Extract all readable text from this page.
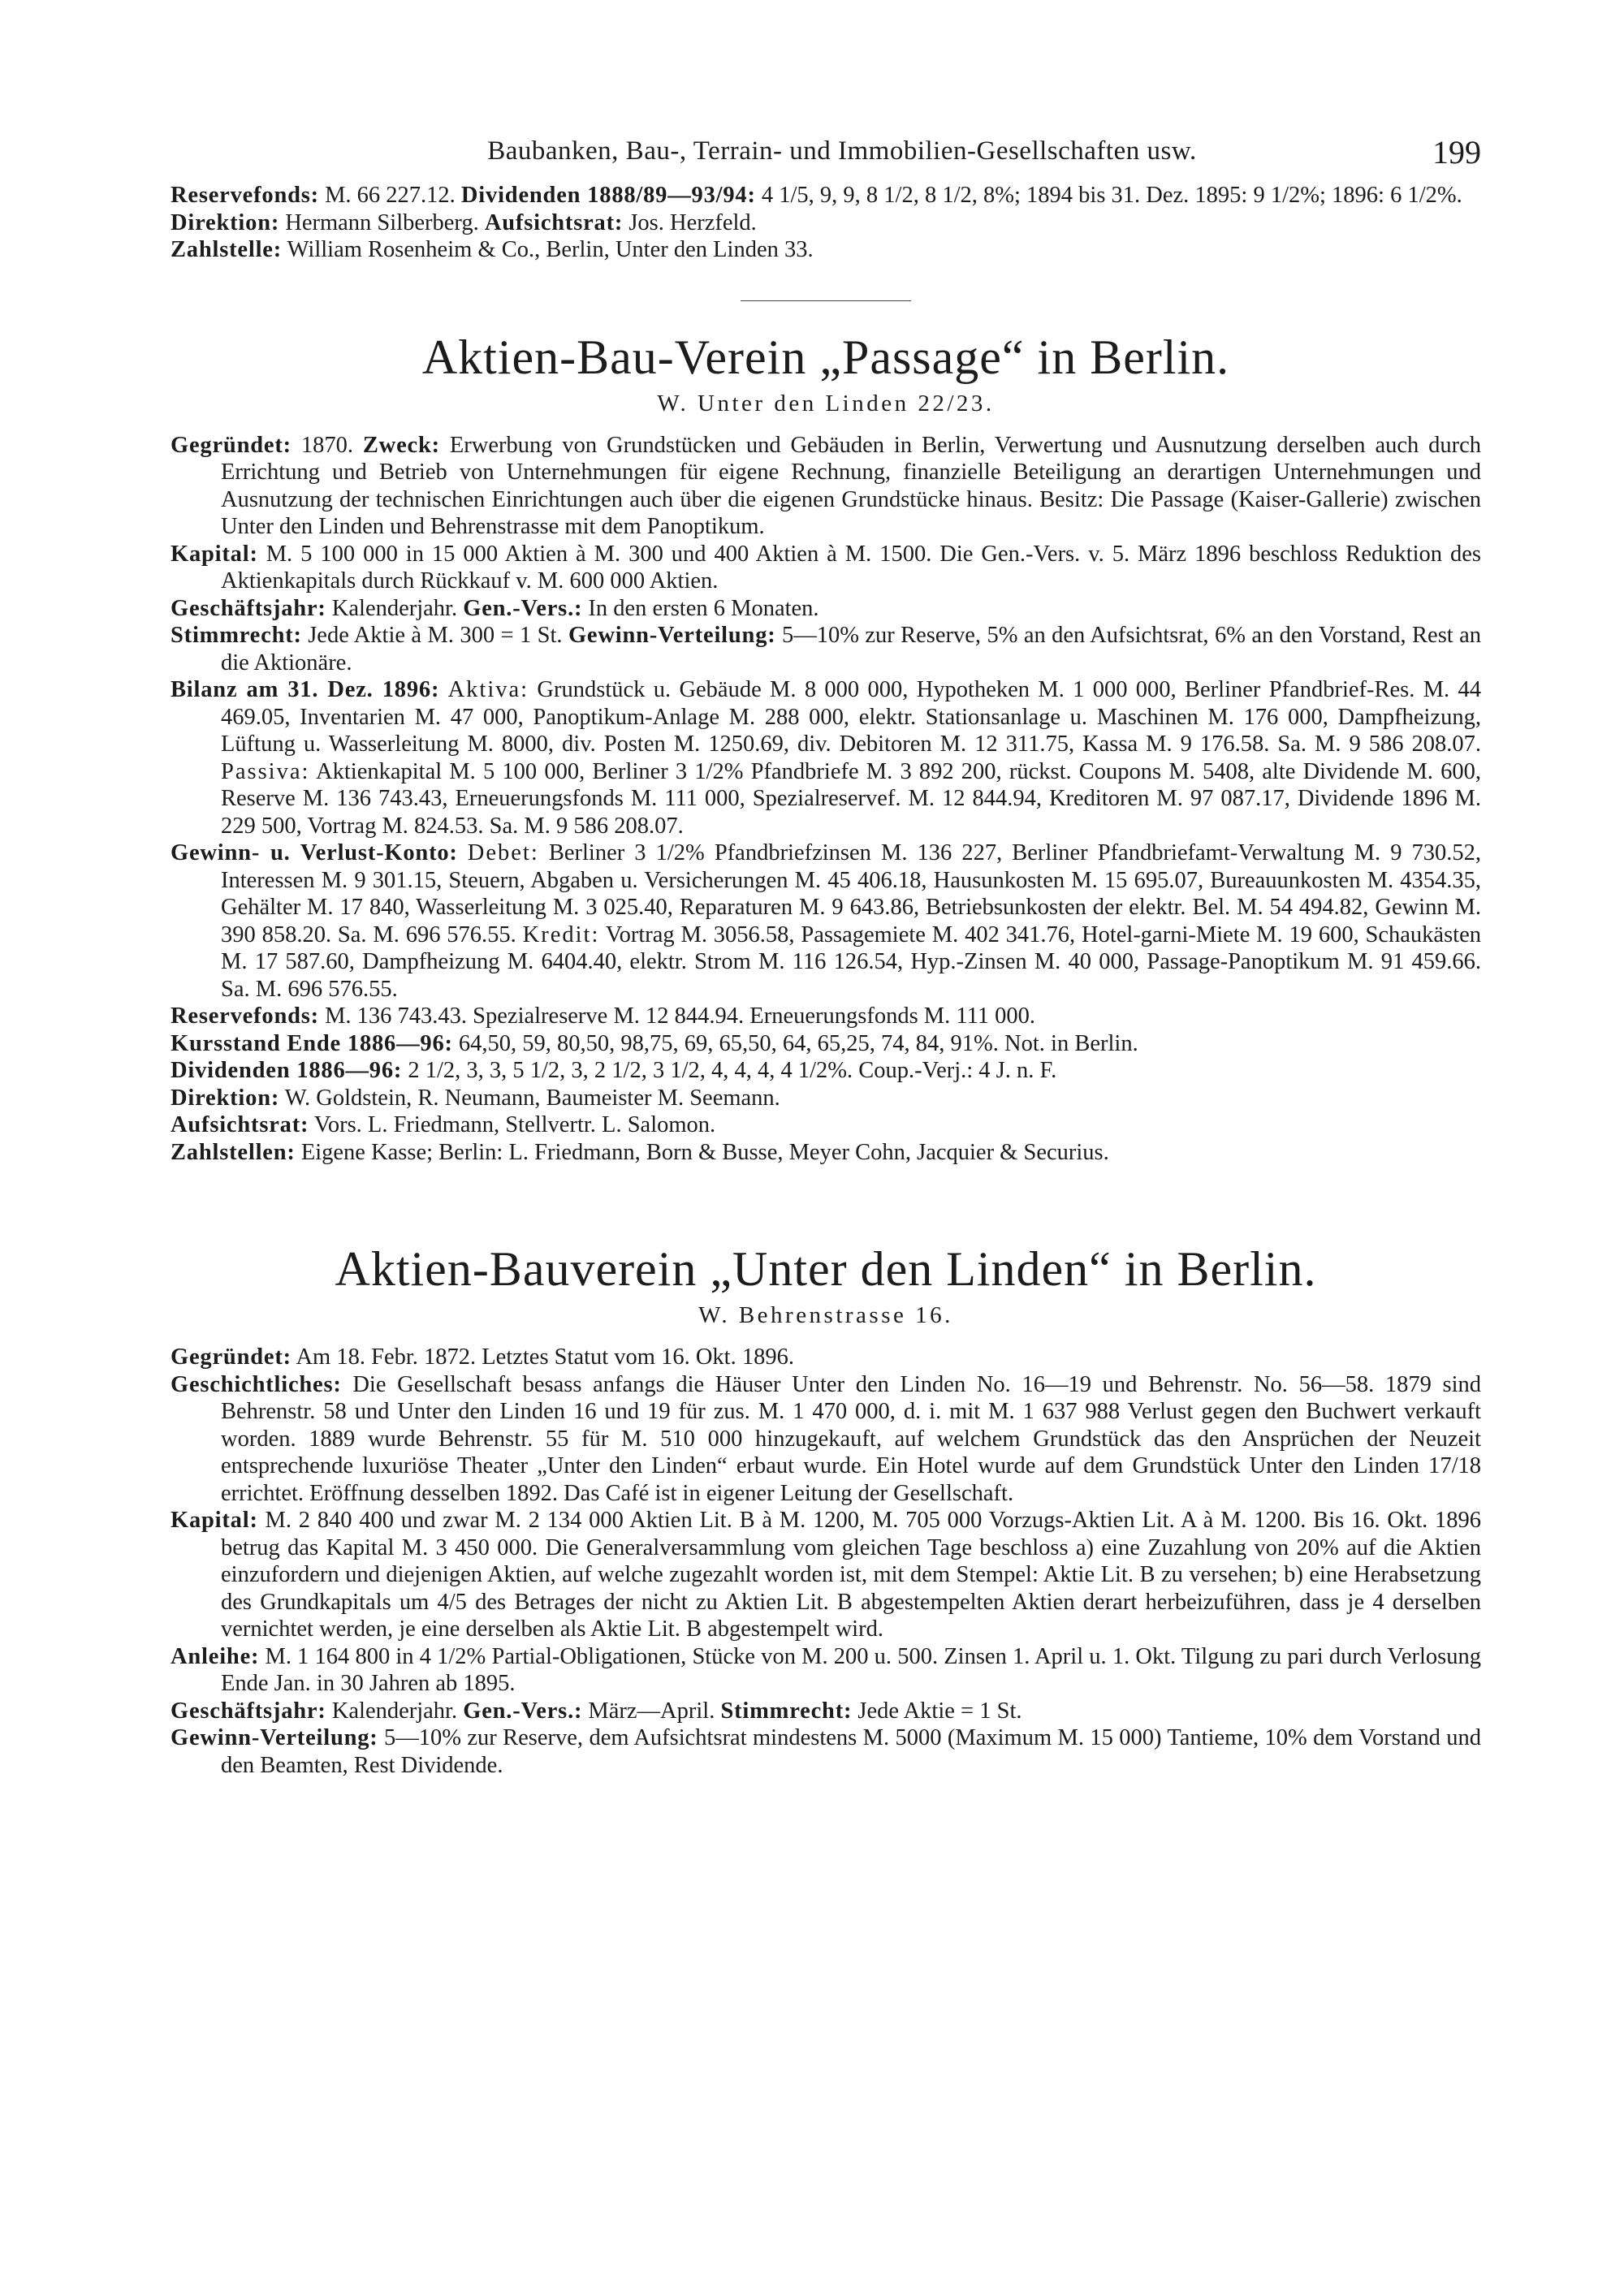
Baubanken, Bau-, Terrain- und Immobilien-Gesellschaften usw.	199

Reservefonds: M. 66 227.12. Dividenden 1888/89—93/94: 4 1/5, 9, 9, 8 1/2, 8 1/2, 8%; 1894 bis 31. Dez. 1895: 9 1/2%; 1896: 6 1/2%.

Direktion: Hermann Silberberg. Aufsichtsrat: Jos. Herzfeld.

Zahlstelle: William Rosenheim & Co., Berlin, Unter den Linden 33.

Aktien-Bau-Verein „Passage“ in Berlin.
W. Unter den Linden 22/23.

Gegründet: 1870. Zweck: Erwerbung von Grundstücken und Gebäuden in Berlin, Verwertung und Ausnutzung derselben auch durch Errichtung und Betrieb von Unternehmungen für eigene Rechnung, finanzielle Beteiligung an derartigen Unternehmungen und Ausnutzung der technischen Einrichtungen auch über die eigenen Grundstücke hinaus. Besitz: Die Passage (Kaiser-Gallerie) zwischen Unter den Linden und Behrenstrasse mit dem Panoptikum.

Kapital: M. 5 100 000 in 15 000 Aktien à M. 300 und 400 Aktien à M. 1500. Die Gen.-Vers. v. 5. März 1896 beschloss Reduktion des Aktienkapitals durch Rückkauf v. M. 600 000 Aktien.

Geschäftsjahr: Kalenderjahr. Gen.-Vers.: In den ersten 6 Monaten.

Stimmrecht: Jede Aktie à M. 300 = 1 St. Gewinn-Verteilung: 5—10% zur Reserve, 5% an den Aufsichtsrat, 6% an den Vorstand, Rest an die Aktionäre.

Bilanz am 31. Dez. 1896: Aktiva: Grundstück u. Gebäude M. 8 000 000, Hypotheken M. 1 000 000, Berliner Pfandbrief-Res. M. 44 469.05, Inventarien M. 47 000, Panoptikum-Anlage M. 288 000, elektr. Stationsanlage u. Maschinen M. 176 000, Dampfheizung, Lüftung u. Wasserleitung M. 8000, div. Posten M. 1250.69, div. Debitoren M. 12 311.75, Kassa M. 9 176.58. Sa. M. 9 586 208.07. Passiva: Aktienkapital M. 5 100 000, Berliner 3 1/2% Pfandbriefe M. 3 892 200, rückst. Coupons M. 5408, alte Dividende M. 600, Reserve M. 136 743.43, Erneuerungsfonds M. 111 000, Spezialreservef. M. 12 844.94, Kreditoren M. 97 087.17, Dividende 1896 M. 229 500, Vortrag M. 824.53. Sa. M. 9 586 208.07.

Gewinn- u. Verlust-Konto: Debet: Berliner 3 1/2% Pfandbriefzinsen M. 136 227, Berliner Pfandbriefamt-Verwaltung M. 9 730.52, Interessen M. 9 301.15, Steuern, Abgaben u. Versicherungen M. 45 406.18, Hausunkosten M. 15 695.07, Bureauunkosten M. 4354.35, Gehälter M. 17 840, Wasserleitung M. 3 025.40, Reparaturen M. 9 643.86, Betriebsunkosten der elektr. Bel. M. 54 494.82, Gewinn M. 390 858.20. Sa. M. 696 576.55. Kredit: Vortrag M. 3056.58, Passagemiete M. 402 341.76, Hotel-garni-Miete M. 19 600, Schaukästen M. 17 587.60, Dampfheizung M. 6404.40, elektr. Strom M. 116 126.54, Hyp.-Zinsen M. 40 000, Passage-Panoptikum M. 91 459.66. Sa. M. 696 576.55.

Reservefonds: M. 136 743.43. Spezialreserve M. 12 844.94. Erneuerungsfonds M. 111 000.

Kursstand Ende 1886—96: 64,50, 59, 80,50, 98,75, 69, 65,50, 64, 65,25, 74, 84, 91%. Not. in Berlin.

Dividenden 1886—96: 2 1/2, 3, 3, 5 1/2, 3, 2 1/2, 3 1/2, 4, 4, 4, 4 1/2%. Coup.-Verj.: 4 J. n. F.

Direktion: W. Goldstein, R. Neumann, Baumeister M. Seemann.

Aufsichtsrat: Vors. L. Friedmann, Stellvertr. L. Salomon.

Zahlstellen: Eigene Kasse; Berlin: L. Friedmann, Born & Busse, Meyer Cohn, Jacquier & Securius.

Aktien-Bauverein „Unter den Linden“ in Berlin.
W. Behrenstrasse 16.

Gegründet: Am 18. Febr. 1872. Letztes Statut vom 16. Okt. 1896.

Geschichtliches: Die Gesellschaft besass anfangs die Häuser Unter den Linden No. 16—19 und Behrenstr. No. 56—58. 1879 sind Behrenstr. 58 und Unter den Linden 16 und 19 für zus. M. 1 470 000, d. i. mit M. 1 637 988 Verlust gegen den Buchwert verkauft worden. 1889 wurde Behrenstr. 55 für M. 510 000 hinzugekauft, auf welchem Grundstück das den Ansprüchen der Neuzeit entsprechende luxuriöse Theater „Unter den Linden“ erbaut wurde. Ein Hotel wurde auf dem Grundstück Unter den Linden 17/18 errichtet. Eröffnung desselben 1892. Das Café ist in eigener Leitung der Gesellschaft.

Kapital: M. 2 840 400 und zwar M. 2 134 000 Aktien Lit. B à M. 1200, M. 705 000 Vorzugs-Aktien Lit. A à M. 1200. Bis 16. Okt. 1896 betrug das Kapital M. 3 450 000. Die Generalversammlung vom gleichen Tage beschloss a) eine Zuzahlung von 20% auf die Aktien einzufordern und diejenigen Aktien, auf welche zugezahlt worden ist, mit dem Stempel: Aktie Lit. B zu versehen; b) eine Herabsetzung des Grundkapitals um 4/5 des Betrages der nicht zu Aktien Lit. B abgestempelten Aktien derart herbeizuführen, dass je 4 derselben vernichtet werden, je eine derselben als Aktie Lit. B abgestempelt wird.

Anleihe: M. 1 164 800 in 4 1/2% Partial-Obligationen, Stücke von M. 200 u. 500. Zinsen 1. April u. 1. Okt. Tilgung zu pari durch Verlosung Ende Jan. in 30 Jahren ab 1895.

Geschäftsjahr: Kalenderjahr. Gen.-Vers.: März—April. Stimmrecht: Jede Aktie = 1 St.

Gewinn-Verteilung: 5—10% zur Reserve, dem Aufsichtsrat mindestens M. 5000 (Maximum M. 15 000) Tantieme, 10% dem Vorstand und den Beamten, Rest Dividende.
